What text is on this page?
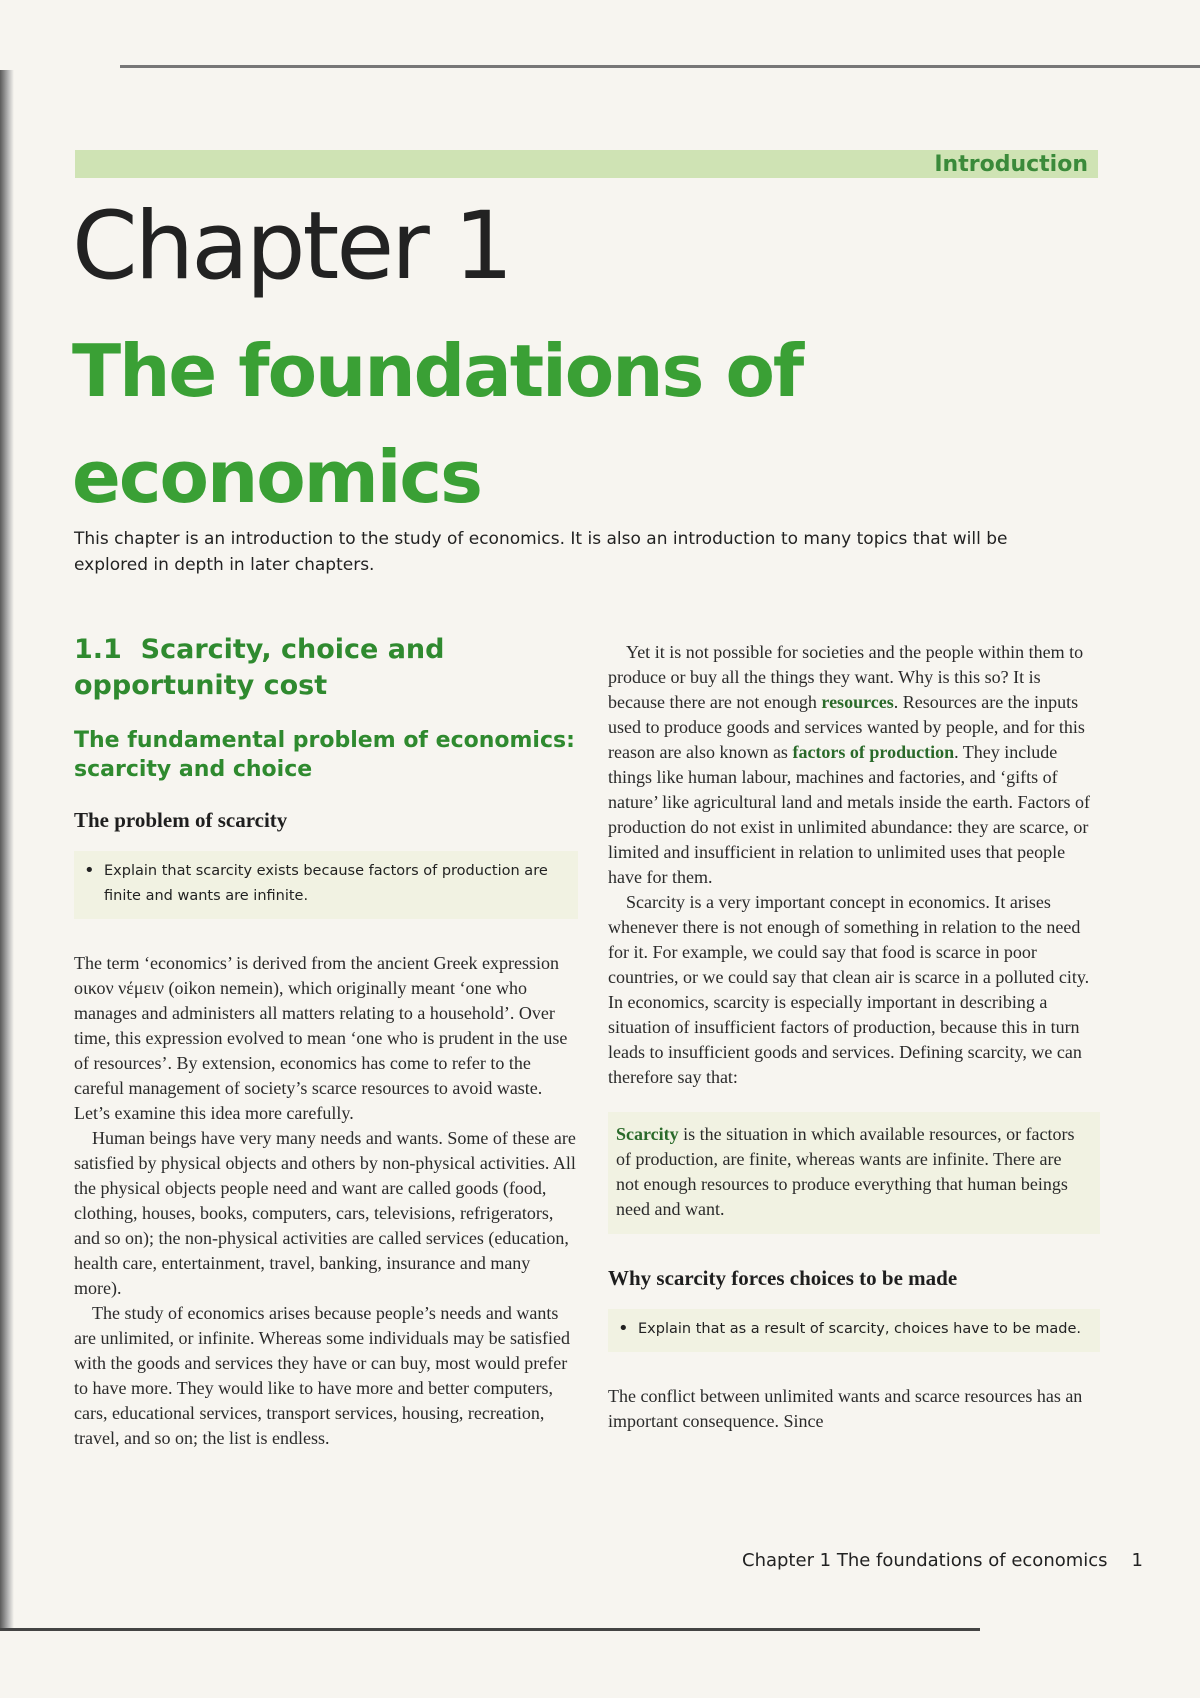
Introduction
Chapter 1
The foundations of economics

This chapter is an introduction to the study of economics. It is also an introduction to many topics that will be explored in depth in later chapters.

1.1 Scarcity, choice and opportunity cost
The fundamental problem of economics: scarcity and choice
The problem of scarcity
• Explain that scarcity exists because factors of production are finite and wants are infinite.

The term ‘economics’ is derived from the ancient Greek expression οικον νέμειν (oikon nemein), which originally meant ‘one who manages and administers all matters relating to a household’. Over time, this expression evolved to mean ‘one who is prudent in the use of resources’. By extension, economics has come to refer to the careful management of society’s scarce resources to avoid waste. Let’s examine this idea more carefully.

Human beings have very many needs and wants. Some of these are satisfied by physical objects and others by non-physical activities. All the physical objects people need and want are called goods (food, clothing, houses, books, computers, cars, televisions, refrigerators, and so on); the non-physical activities are called services (education, health care, entertainment, travel, banking, insurance and many more).

The study of economics arises because people’s needs and wants are unlimited, or infinite. Whereas some individuals may be satisfied with the goods and services they have or can buy, most would prefer to have more. They would like to have more and better computers, cars, educational services, transport services, housing, recreation, travel, and so on; the list is endless.

Yet it is not possible for societies and the people within them to produce or buy all the things they want. Why is this so? It is because there are not enough resources. Resources are the inputs used to produce goods and services wanted by people, and for this reason are also known as factors of production. They include things like human labour, machines and factories, and ‘gifts of nature’ like agricultural land and metals inside the earth. Factors of production do not exist in unlimited abundance: they are scarce, or limited and insufficient in relation to unlimited uses that people have for them.

Scarcity is a very important concept in economics. It arises whenever there is not enough of something in relation to the need for it. For example, we could say that food is scarce in poor countries, or we could say that clean air is scarce in a polluted city. In economics, scarcity is especially important in describing a situation of insufficient factors of production, because this in turn leads to insufficient goods and services. Defining scarcity, we can therefore say that:

Scarcity is the situation in which available resources, or factors of production, are finite, whereas wants are infinite. There are not enough resources to produce everything that human beings need and want.
Why scarcity forces choices to be made
• Explain that as a result of scarcity, choices have to be made.

The conflict between unlimited wants and scarce resources has an important consequence. Since

Chapter 1 The foundations of economics 1
